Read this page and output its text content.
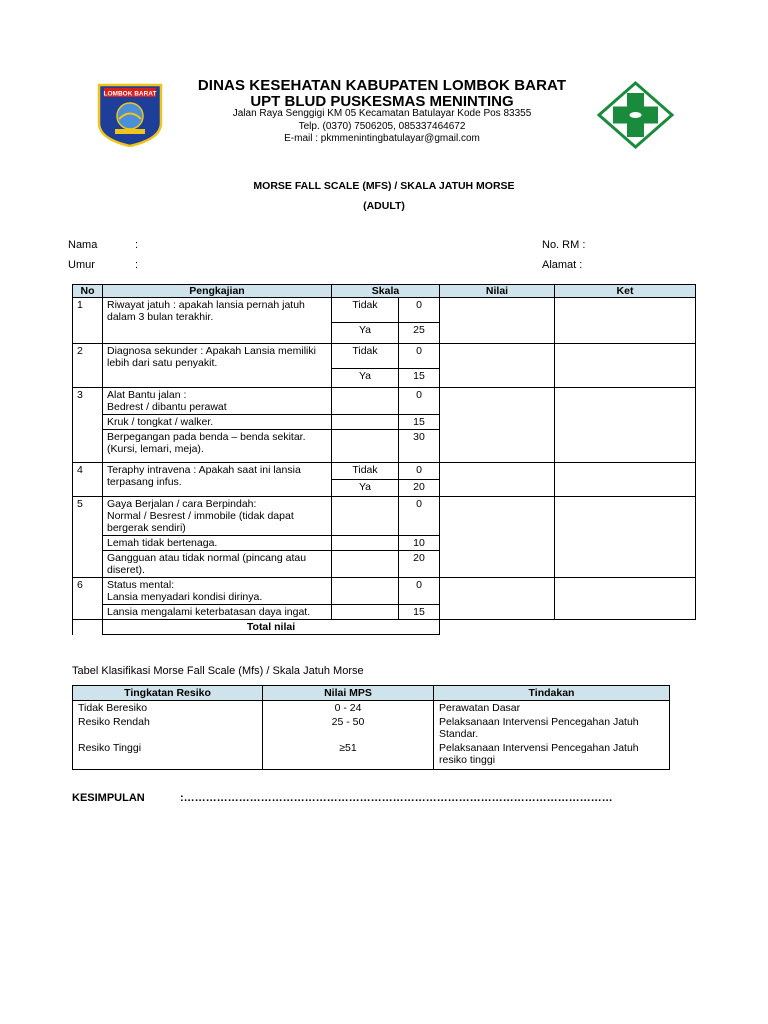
LOMBOK BARAT	DINAS KESEHATAN KABUPATEN LOMBOK BARAT
UPT BLUD PUSKESMAS MENINTING
Jalan Raya Senggigi KM 05 Kecamatan Batulayar Kode Pos 83355
Telp. (0370) 7506205, 085337464672
E-mail : pkmmenintingbatulayar@gmail.com
MORSE FALL SCALE (MFS) / SKALA JATUH MORSE
(ADULT)
Nama	:
Umur	:
No. RM :
Alamat :
No	Pengkajian	Skala		Nilai	Ket
1	Riwayat jatuh : apakah lansia pernah jatuh dalam 3 bulan terakhir.	Tidak	0		
		Ya	25		
2	Diagnosa sekunder : Apakah Lansia memiliki lebih dari satu penyakit.	Tidak	0		
		Ya	15		
3	Alat Bantu jalan :
Bedrest / dibantu perawat		0		
	Kruk / tongkat / walker.		15		
	Berpegangan pada benda – benda sekitar. (Kursi, lemari, meja).		30		
4	Teraphy intravena : Apakah saat ini lansia terpasang infus.	Tidak	0		
		Ya	20		
5	Gaya Berjalan / cara Berpindah:
Normal / Besrest / immobile (tidak dapat bergerak sendiri)		0		
	Lemah tidak bertenaga.		10		
	Gangguan atau tidak normal (pincang atau diseret).		20		
6	Status mental:
Lansia menyadari kondisi dirinya.		0		
	Lansia mengalami keterbatasan daya ingat.		15		
	Total nilai				
Tabel Klasifikasi Morse Fall Scale (Mfs) / Skala Jatuh Morse
Tingkatan Resiko	Nilai MPS	Tindakan
Tidak Beresiko	0 - 24	Perawatan Dasar
Resiko Rendah	25 - 50	Pelaksanaan Intervensi Pencegahan Jatuh Standar.
Resiko Tinggi	≥51	Pelaksanaan Intervensi Pencegahan Jatuh resiko tinggi
KESIMPULAN	:………………………………………………………………………………………………………
